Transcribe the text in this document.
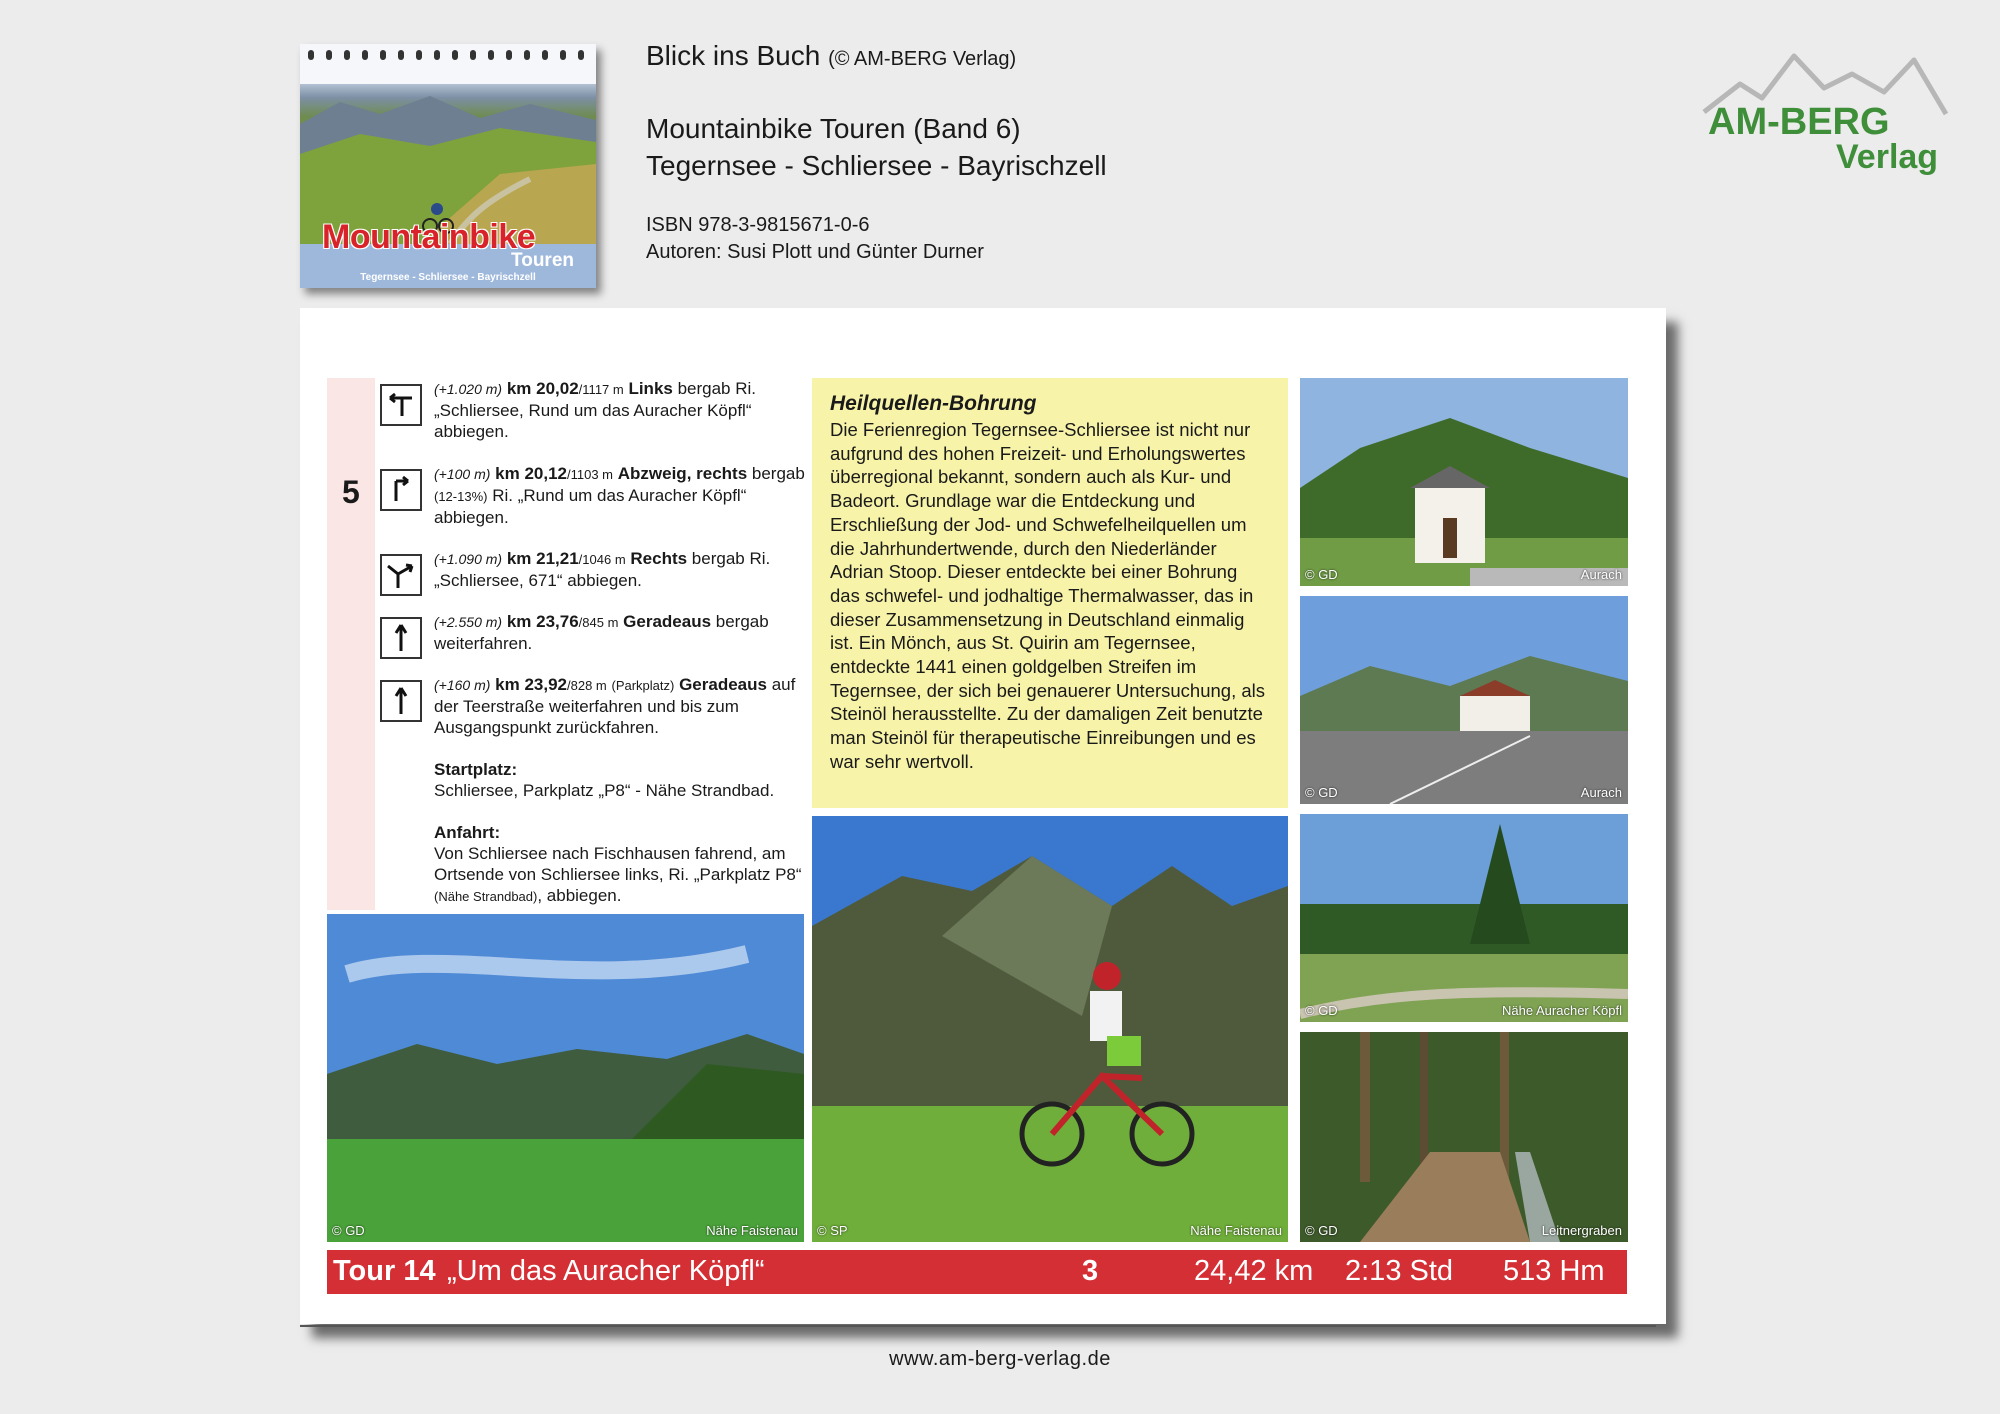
Mountainbike
Touren
Tegernsee - Schliersee - Bayrischzell
Blick ins Buch (© AM-BERG Verlag)
Mountainbike Touren (Band 6)
Tegernsee - Schliersee - Bayrischzell
ISBN 978-3-9815671-0-6
Autoren: Susi Plott und Günter Durner
AM-BERG
Verlag
5
(+1.020 m) km 20,02/1117 m Links bergab Ri. „Schliersee, Rund um das Auracher Köpfl“ abbiegen.
(+100 m) km 20,12/1103 m Abzweig, rechts bergab (12-13%) Ri. „Rund um das Auracher Köpfl“ abbiegen.
(+1.090 m) km 21,21/1046 m Rechts bergab Ri. „Schliersee, 671“ abbiegen.
(+2.550 m) km 23,76/845 m Geradeaus bergab weiterfahren.
(+160 m) km 23,92/828 m (Parkplatz) Geradeaus auf der Teerstraße weiterfahren und bis zum Ausgangspunkt zurückfahren.
Startplatz:
Schliersee, Parkplatz „P8“ - Nähe Strandbad.
Anfahrt:
Von Schliersee nach Fischhausen fahrend, am Ortsende von Schliersee links, Ri. „Parkplatz P8“ (Nähe Strandbad), abbiegen.
Heilquellen-Bohrung

Die Ferienregion Tegernsee-Schliersee ist nicht nur aufgrund des hohen Freizeit- und Erholungswertes überregional bekannt, sondern auch als Kur- und Badeort. Grundlage war die Entdeckung und Erschließung der Jod- und Schwefelheilquellen um die Jahrhundertwende, durch den Niederländer Adrian Stoop. Dieser entdeckte bei einer Bohrung das schwefel- und jodhaltige Thermalwasser, das in dieser Zusammensetzung in Deutschland einmalig ist. Ein Mönch, aus St. Quirin am Tegernsee, entdeckte 1441 einen goldgelben Streifen im Tegernsee, der sich bei genauerer Untersuchung, als Steinöl herausstellte. Zu der damaligen Zeit benutzte man Steinöl für therapeutische Einreibungen und es war sehr wertvoll.

© GD	Aurach
© GD	Aurach
© GD	Nähe Auracher Köpfl
© GD	Leitnergraben
© GD	Nähe Faistenau © SP	Nähe Faistenau
Tour 14 „Um das Auracher Köpfl“	3	24,42 km 2:13 Std 513 Hm
www.am-berg-verlag.de
